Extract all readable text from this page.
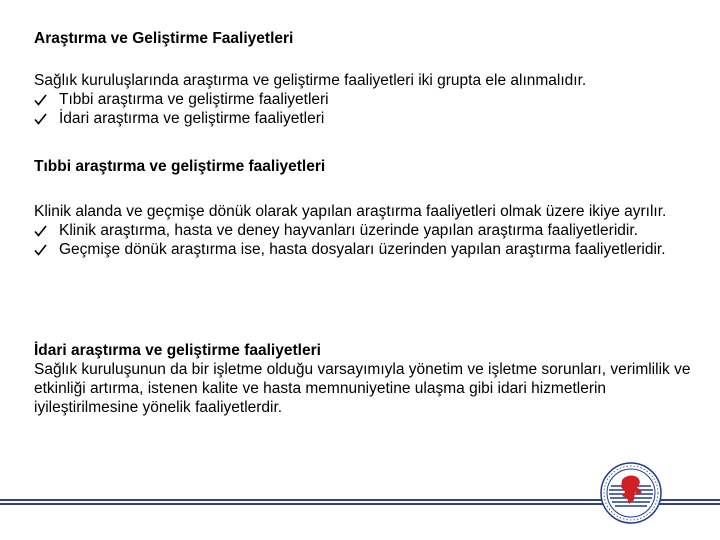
Araştırma ve Geliştirme Faaliyetleri
Sağlık kuruluşlarında araştırma ve geliştirme faaliyetleri iki grupta ele alınmalıdır.
Tıbbi araştırma ve geliştirme faaliyetleri
İdari araştırma ve geliştirme faaliyetleri
Tıbbi araştırma ve geliştirme faaliyetleri
Klinik alanda ve geçmişe dönük olarak yapılan araştırma faaliyetleri olmak üzere ikiye ayrılır.
Klinik araştırma, hasta ve deney hayvanları üzerinde yapılan araştırma faaliyetleridir.
Geçmişe dönük araştırma ise, hasta dosyaları üzerinden yapılan araştırma faaliyetleridir.
İdari araştırma ve geliştirme faaliyetleri
Sağlık kuruluşunun da bir işletme olduğu varsayımıyla yönetim ve işletme sorunları, verimlilik ve etkinliği artırma, istenen kalite ve hasta memnuniyetine ulaşma gibi idari hizmetlerin iyileştirilmesine yönelik faaliyetlerdir.
